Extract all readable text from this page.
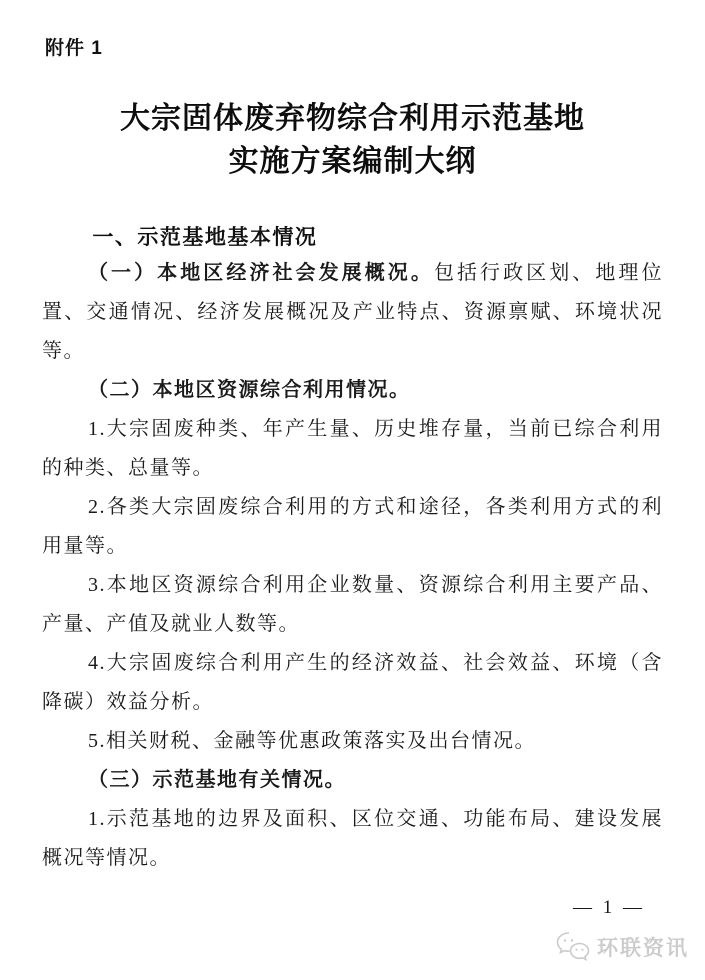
附件 1
大宗固体废弃物综合利用示范基地
实施方案编制大纲
一、示范基地基本情况

（一）本地区经济社会发展概况。包括行政区划、地理位置、交通情况、经济发展概况及产业特点、资源禀赋、环境状况等。

（二）本地区资源综合利用情况。

1.大宗固废种类、年产生量、历史堆存量，当前已综合利用的种类、总量等。

2.各类大宗固废综合利用的方式和途径，各类利用方式的利用量等。

3.本地区资源综合利用企业数量、资源综合利用主要产品、产量、产值及就业人数等。

4.大宗固废综合利用产生的经济效益、社会效益、环境（含降碳）效益分析。

5.相关财税、金融等优惠政策落实及出台情况。

（三）示范基地有关情况。

1.示范基地的边界及面积、区位交通、功能布局、建设发展概况等情况。

— 1 —
环联资讯
